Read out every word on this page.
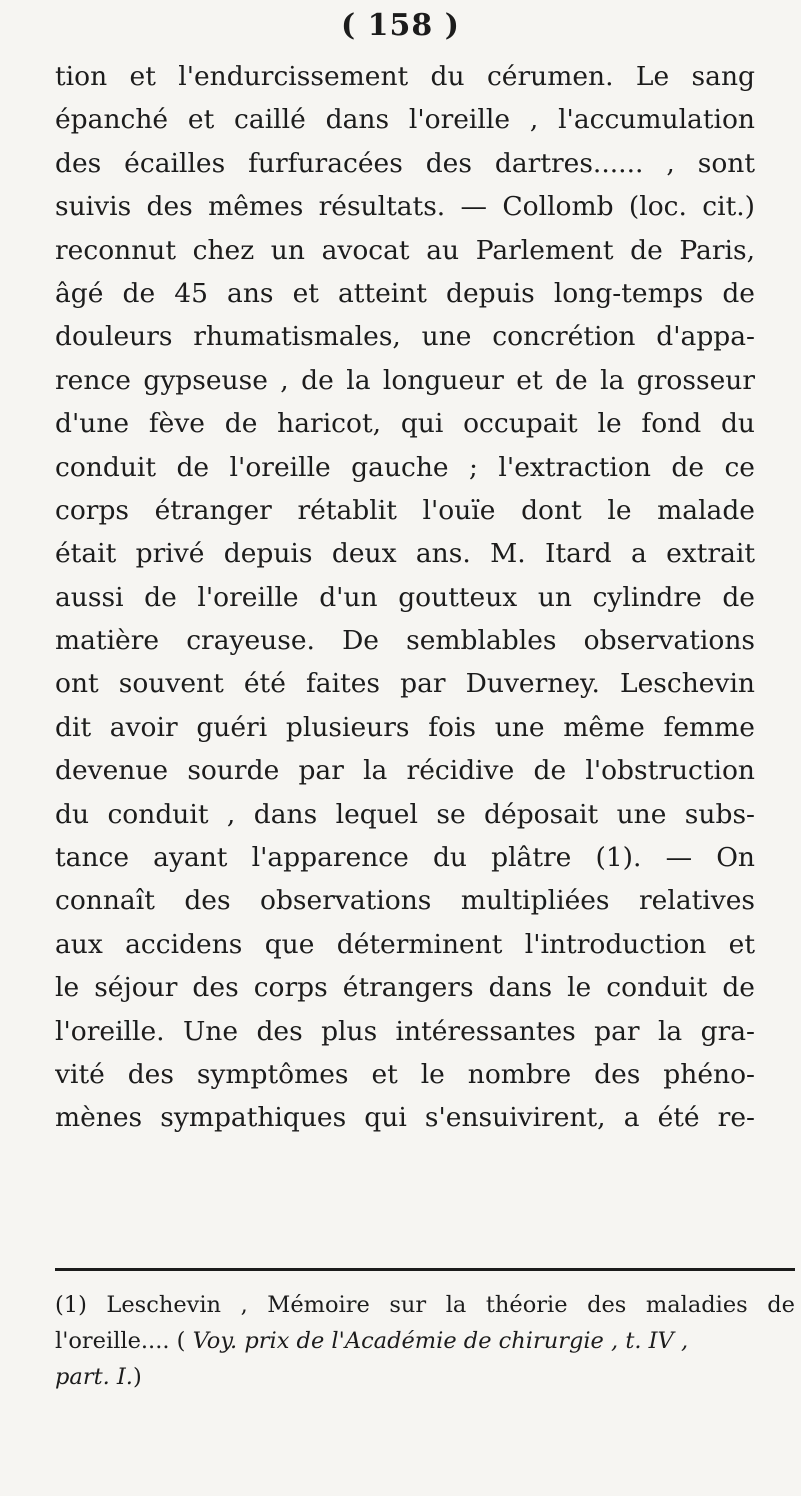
( 158 )
tion et l'endurcissement du cérumen. Le sang
épanché et caillé dans l'oreille , l'accumulation
des écailles furfuracées des dartres...... , sont
suivis des mêmes résultats. — Collomb (loc. cit.)
reconnut chez un avocat au Parlement de Paris,
âgé de 45 ans et atteint depuis long-temps de
douleurs rhumatismales, une concrétion d'appa-
rence gypseuse , de la longueur et de la grosseur
d'une fève de haricot, qui occupait le fond du
conduit de l'oreille gauche ; l'extraction de ce
corps étranger rétablit l'ouïe dont le malade
était privé depuis deux ans. M. Itard a extrait
aussi de l'oreille d'un goutteux un cylindre de
matière crayeuse. De semblables observations
ont souvent été faites par Duverney. Leschevin
dit avoir guéri plusieurs fois une même femme
devenue sourde par la récidive de l'obstruction
du conduit , dans lequel se déposait une subs-
tance ayant l'apparence du plâtre (1). — On
connaît des observations multipliées relatives
aux accidens que déterminent l'introduction et
le séjour des corps étrangers dans le conduit de
l'oreille. Une des plus intéressantes par la gra-
vité des symptômes et le nombre des phéno-
mènes sympathiques qui s'ensuivirent, a été re-
(1) Leschevin , Mémoire sur la théorie des maladies de
l'oreille.... ( Voy. prix de l'Académie de chirurgie , t. IV ,
part. I.)
